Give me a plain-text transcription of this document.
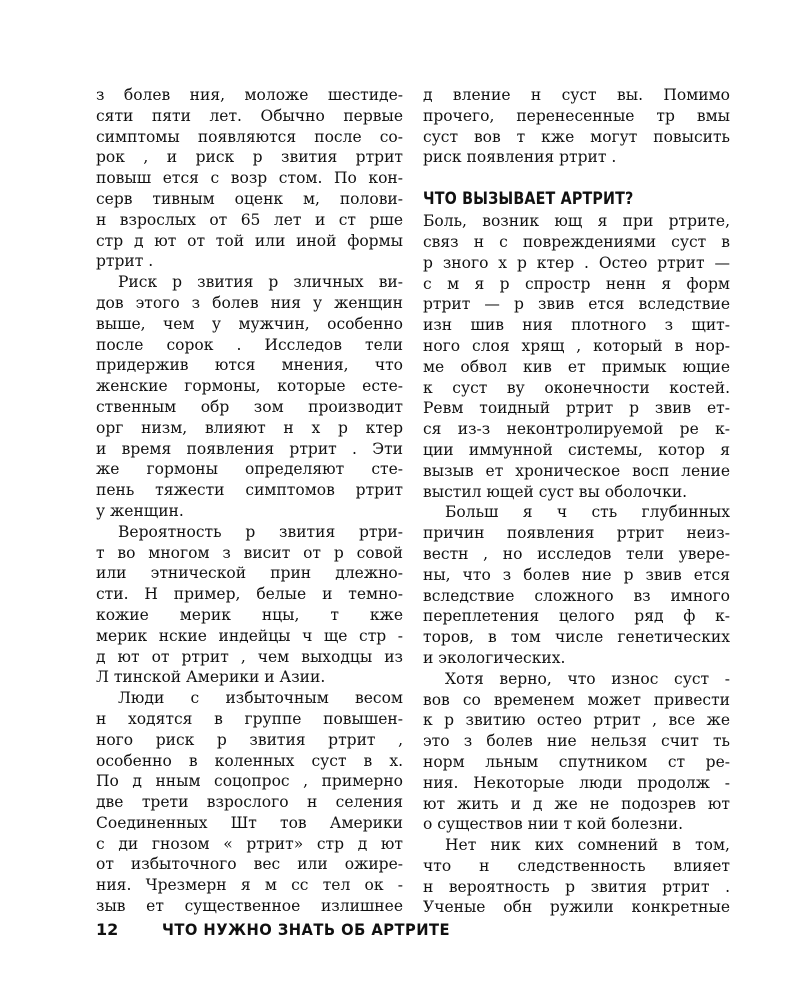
з болев ния, моложе шестиде-
сяти пяти лет. Обычно первые
симптомы появляются после со-
рок , и риск р звития ртрит
повыш ется с возр стом. По кон-
серв тивным оценк м, полови-
н взрослых от 65 лет и ст рше
стр д ют от той или иной формы
ртрит .
Риск р звития р зличных ви-
дов этого з болев ния у женщин
выше, чем у мужчин, особенно
после сорок . Исследов тели
придержив ются мнения, что
женские гормоны, которые есте-
ственным обр зом производит
орг низм, влияют н х р ктер
и время появления ртрит . Эти
же гормоны определяют сте-
пень тяжести симптомов ртрит
у женщин.
Вероятность р звития ртри-
т во многом з висит от р совой
или этнической прин длежно-
сти. Н пример, белые и темно-
кожие мерик нцы, т кже
мерик нские индейцы ч ще стр -
д ют от ртрит , чем выходцы из
Л тинской Америки и Азии.
Люди с избыточным весом
н ходятся в группе повышен-
ного риск р звития ртрит ,
особенно в коленных суст в х.
По д нным соцопрос , примерно
две трети взрослого н селения
Соединенных Шт тов Америки
с ди гнозом « ртрит» стр д ют
от избыточного вес или ожире-
ния. Чрезмерн я м сс тел ок -
зыв ет существенное излишнее
д вление н суст вы. Помимо
прочего, перенесенные тр вмы
суст вов т кже могут повысить
риск появления ртрит .
ЧТО ВЫЗЫВАЕТ АРТРИТ?
Боль, возник ющ я при ртрите,
связ н с повреждениями суст в
р зного х р ктер . Остео ртрит —
с м я р спростр ненн я форм
ртрит — р звив ется вследствие
изн шив ния плотного з щит-
ного слоя хрящ , который в нор-
ме обвол кив ет примык ющие
к суст ву оконечности костей.
Ревм тоидный ртрит р звив ет-
ся из-з неконтролируемой ре к-
ции иммунной системы, котор я
вызыв ет хроническое восп ление
выстил ющей суст вы оболочки.
Больш я ч сть глубинных
причин появления ртрит неиз-
вестн , но исследов тели увере-
ны, что з болев ние р звив ется
вследствие сложного вз имного
переплетения целого ряд ф к-
торов, в том числе генетических
и экологических.
Хотя верно, что износ суст -
вов со временем может привести
к р звитию остео ртрит , все же
это з болев ние нельзя счит ть
норм льным спутником ст ре-
ния. Некоторые люди продолж -
ют жить и д же не подозрев ют
о существов нии т кой болезни.
Нет ник ких сомнений в том,
что н следственность влияет
н вероятность р звития ртрит .
Ученые обн ружили конкретные
12	ЧТО НУЖНО ЗНАТЬ ОБ АРТРИТЕ
